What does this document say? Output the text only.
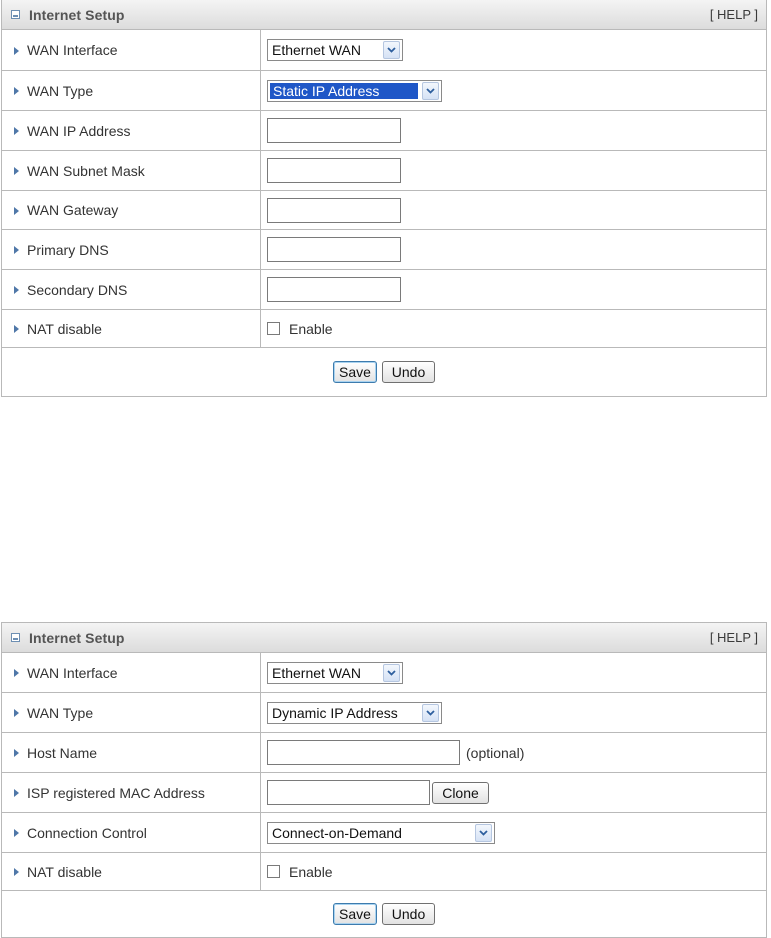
Internet Setup	[ HELP ]
WAN Interface	Ethernet WAN
WAN Type	Static IP Address
WAN IP Address
WAN Subnet Mask
WAN Gateway
Primary DNS
Secondary DNS
NAT disable	Enable
Save	Undo
Internet Setup	[ HELP ]
WAN Interface	Ethernet WAN
WAN Type	Dynamic IP Address
Host Name	(optional)
ISP registered MAC Address	Clone
Connection Control	Connect-on-Demand
NAT disable	Enable
Save	Undo
